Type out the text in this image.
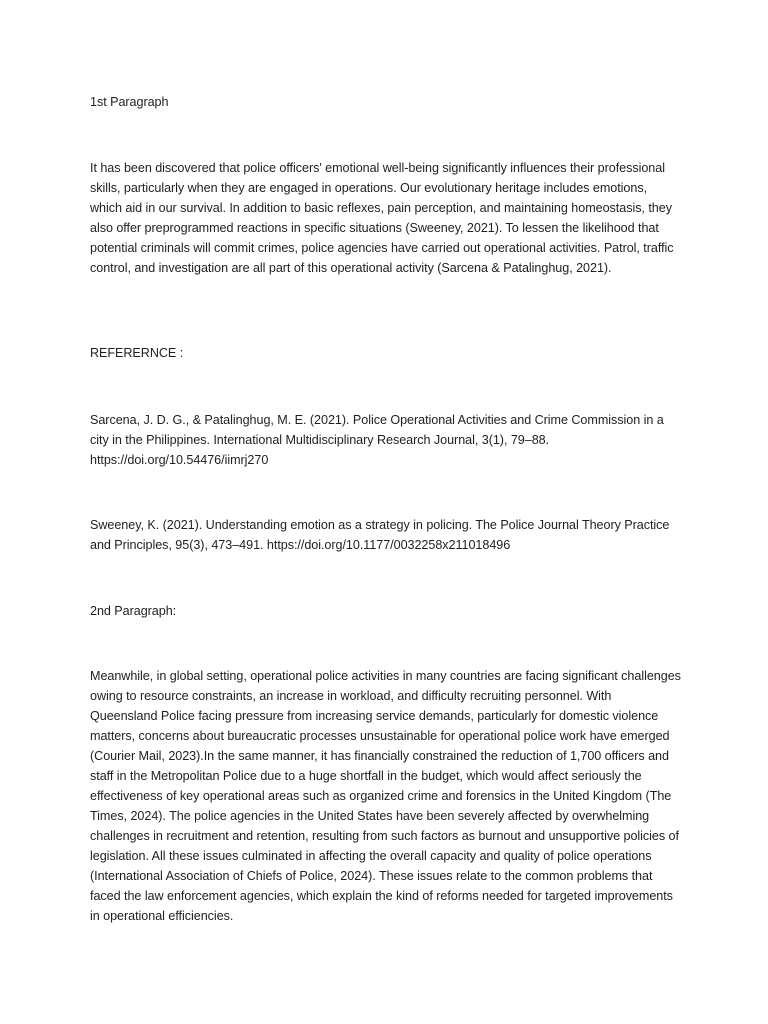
1st Paragraph

It has been discovered that police officers' emotional well-being significantly influences their professional skills, particularly when they are engaged in operations. Our evolutionary heritage includes emotions, which aid in our survival. In addition to basic reflexes, pain perception, and maintaining homeostasis, they also offer preprogrammed reactions in specific situations (Sweeney, 2021). To lessen the likelihood that potential criminals will commit crimes, police agencies have carried out operational activities. Patrol, traffic control, and investigation are all part of this operational activity (Sarcena & Patalinghug, 2021).

REFERERNCE :

Sarcena, J. D. G., & Patalinghug, M. E. (2021). Police Operational Activities and Crime Commission in a city in the Philippines. International Multidisciplinary Research Journal, 3(1), 79–88. https://doi.org/10.54476/iimrj270

Sweeney, K. (2021). Understanding emotion as a strategy in policing. The Police Journal Theory Practice and Principles, 95(3), 473–491. https://doi.org/10.1177/0032258x211018496

2nd Paragraph:

Meanwhile, in global setting, operational police activities in many countries are facing significant challenges owing to resource constraints, an increase in workload, and difficulty recruiting personnel. With Queensland Police facing pressure from increasing service demands, particularly for domestic violence matters, concerns about bureaucratic processes unsustainable for operational police work have emerged (Courier Mail, 2023).In the same manner, it has financially constrained the reduction of 1,700 officers and staff in the Metropolitan Police due to a huge shortfall in the budget, which would affect seriously the effectiveness of key operational areas such as organized crime and forensics in the United Kingdom (The Times, 2024). The police agencies in the United States have been severely affected by overwhelming challenges in recruitment and retention, resulting from such factors as burnout and unsupportive policies of legislation. All these issues culminated in affecting the overall capacity and quality of police operations (International Association of Chiefs of Police, 2024). These issues relate to the common problems that faced the law enforcement agencies, which explain the kind of reforms needed for targeted improvements in operational efficiencies.
